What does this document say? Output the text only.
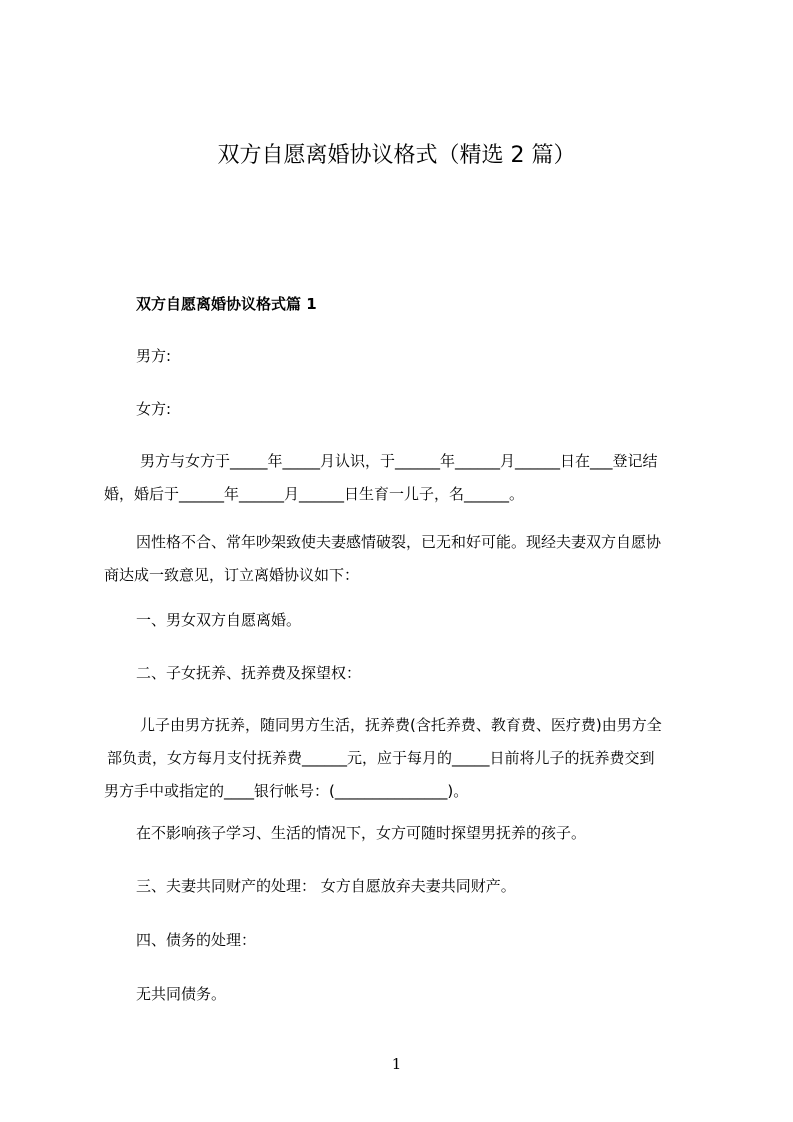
双方自愿离婚协议格式（精选 2 篇）

双方自愿离婚协议格式篇 1

男方:

女方:

男方与女方于_____年_____月认识，于______年______月______日在___登记结
婚，婚后于______年______月______日生育一儿子，名______。
因性格不合、常年吵架致使夫妻感情破裂，已无和好可能。现经夫妻双方自愿协
商达成一致意见，订立离婚协议如下：

一、男女双方自愿离婚。

二、子女抚养、抚养费及探望权：

儿子由男方抚养，随同男方生活，抚养费(含托养费、教育费、医疗费)由男方全
部负责，女方每月支付抚养费______元，应于每月的_____日前将儿子的抚养费交到
男方手中或指定的____银行帐号：(_______________)。

在不影响孩子学习、生活的情况下，女方可随时探望男抚养的孩子。

三、夫妻共同财产的处理： 女方自愿放弃夫妻共同财产。

四、债务的处理：

无共同债务。

1
